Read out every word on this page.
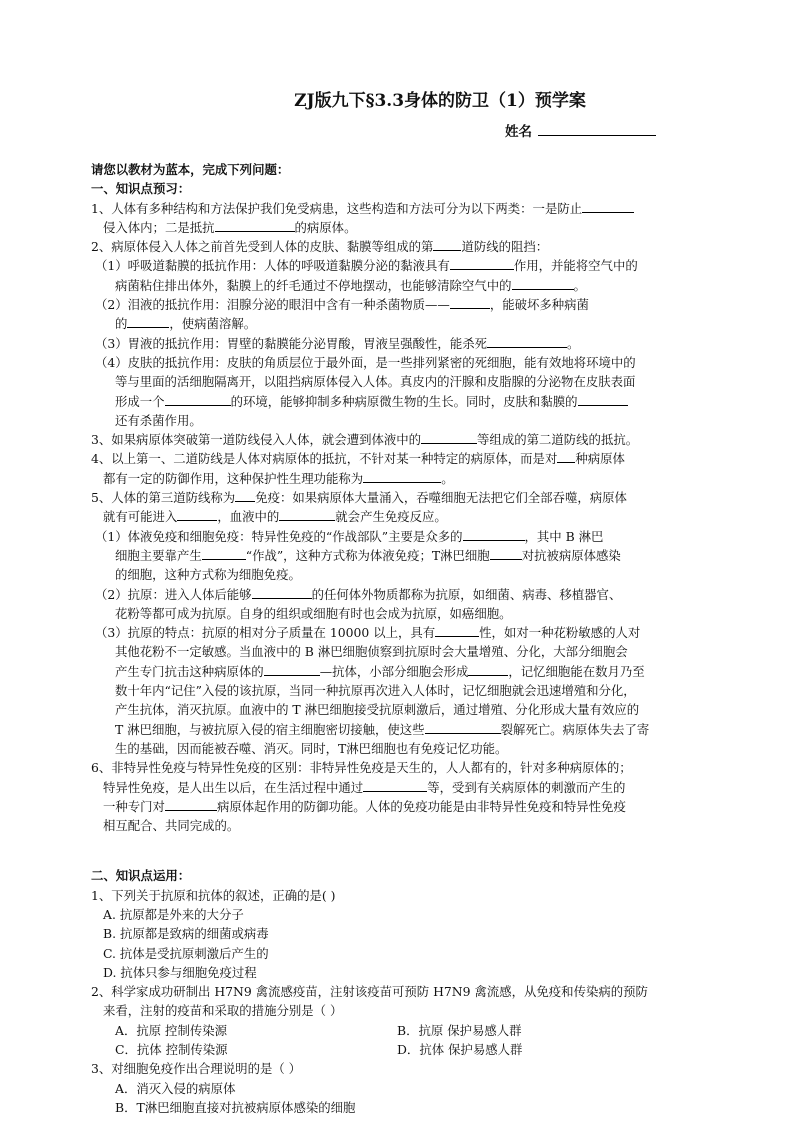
ZJ版九下§3.3身体的防卫（1）预学案
姓名
请您以教材为蓝本，完成下列问题：
一、知识点预习：
1、人体有多种结构和方法保护我们免受病患，这些构造和方法可分为以下两类：一是防止
侵入体内；二是抵抗	的病原体。
2、病原体侵入人体之前首先受到人体的皮肤、黏膜等组成的第 道防线的阻挡：
（1）呼吸道黏膜的抵抗作用：人体的呼吸道黏膜分泌的黏液具有	作用，并能将空气中的
病菌粘住排出体外，黏膜上的纤毛通过不停地摆动，也能够清除空气中的	。
（2）泪液的抵抗作用：泪腺分泌的眼泪中含有一种杀菌物质——	，能破坏多种病菌
的	，使病菌溶解。
（3）胃液的抵抗作用：胃壁的黏膜能分泌胃酸，胃液呈强酸性，能杀死	。
（4）皮肤的抵抗作用：皮肤的角质层位于最外面，是一些排列紧密的死细胞，能有效地将环境中的
等与里面的活细胞隔离开，以阻挡病原体侵入人体。真皮内的汗腺和皮脂腺的分泌物在皮肤表面
形成一个	的环境，能够抑制多种病原微生物的生长。同时，皮肤和黏膜的
还有杀菌作用。
3、如果病原体突破第一道防线侵入人体，就会遭到体液中的	等组成的第二道防线的抵抗。
4、以上第一、二道防线是人体对病原体的抵抗，不针对某一种特定的病原体，而是对 种病原体
都有一定的防御作用，这种保护性生理功能称为	。
5、人体的第三道防线称为 免疫：如果病原体大量涌入，吞噬细胞无法把它们全部吞噬，病原体
就有可能进入	，血液中的	就会产生免疫反应。
（1）体液免疫和细胞免疫：特异性免疫的“作战部队”主要是众多的	，其中 B 淋巴
细胞主要靠产生	“作战”，这种方式称为体液免疫；T淋巴细胞	对抗被病原体感染
的细胞，这种方式称为细胞免疫。
（2）抗原：进入人体后能够	的任何体外物质都称为抗原，如细菌、病毒、移植器官、
花粉等都可成为抗原。自身的组织或细胞有时也会成为抗原，如癌细胞。
（3）抗原的特点：抗原的相对分子质量在 10000 以上，具有	性，如对一种花粉敏感的人对
其他花粉不一定敏感。当血液中的 B 淋巴细胞侦察到抗原时会大量增殖、分化，大部分细胞会
产生专门抗击这种病原体的	—抗体，小部分细胞会形成	，记忆细胞能在数月乃至
数十年内“记住”入侵的该抗原，当同一种抗原再次进入人体时，记忆细胞就会迅速增殖和分化，
产生抗体，消灭抗原。血液中的 T 淋巴细胞接受抗原刺激后，通过增殖、分化形成大量有效应的
T 淋巴细胞，与被抗原入侵的宿主细胞密切接触，使这些	裂解死亡。病原体失去了寄
生的基础，因而能被吞噬、消灭。同时，T淋巴细胞也有免疫记忆功能。
6、非特异性免疫与特异性免疫的区别：非特异性免疫是天生的，人人都有的，针对多种病原体的；
特异性免疫，是人出生以后，在生活过程中通过	等，受到有关病原体的刺激而产生的
一种专门对	病原体起作用的防御功能。人体的免疫功能是由非特异性免疫和特异性免疫
相互配合、共同完成的。
二、知识点运用：
1、下列关于抗原和抗体的叙述，正确的是( )
A. 抗原都是外来的大分子
B. 抗原都是致病的细菌或病毒
C. 抗体是受抗原刺激后产生的
D. 抗体只参与细胞免疫过程
2、科学家成功研制出 H7N9 禽流感疫苗，注射该疫苗可预防 H7N9 禽流感，从免疫和传染病的预防
来看，注射的疫苗和采取的措施分别是（ ）
A．抗原 控制传染源	B．抗原 保护易感人群
C．抗体 控制传染源	D．抗体 保护易感人群
3、对细胞免疫作出合理说明的是（ ）
A．消灭入侵的病原体
B．T淋巴细胞直接对抗被病原体感染的细胞
